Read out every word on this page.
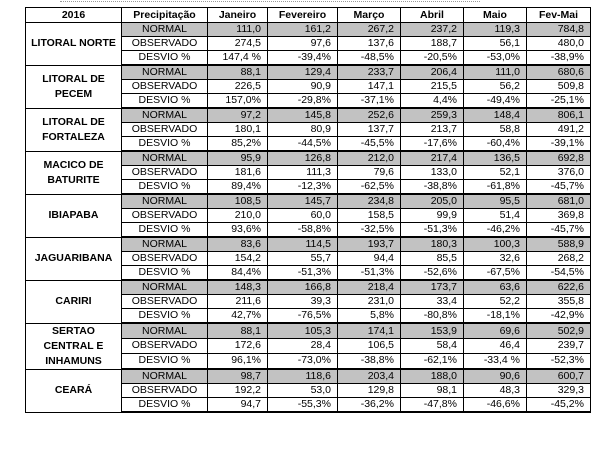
2016	Precipitação	Janeiro	Fevereiro	Março	Abril	Maio	Fev-Mai
LITORAL NORTE	NORMAL	111,0	161,2	267,2	237,2	119,3	784,8
	OBSERVADO	274,5	97,6	137,6	188,7	56,1	480,0
	DESVIO %	147,4 %	-39,4%	-48,5%	-20,5%	-53,0%	-38,9%
LITORAL DE PECEM	NORMAL	88,1	129,4	233,7	206,4	111,0	680,6
	OBSERVADO	226,5	90,9	147,1	215,5	56,2	509,8
	DESVIO %	157,0%	-29,8%	-37,1%	4,4%	-49,4%	-25,1%
LITORAL DE FORTALEZA	NORMAL	97,2	145,8	252,6	259,3	148,4	806,1
	OBSERVADO	180,1	80,9	137,7	213,7	58,8	491,2
	DESVIO %	85,2%	-44,5%	-45,5%	-17,6%	-60,4%	-39,1%
MACICO DE BATURITE	NORMAL	95,9	126,8	212,0	217,4	136,5	692,8
	OBSERVADO	181,6	111,3	79,6	133,0	52,1	376,0
	DESVIO %	89,4%	-12,3%	-62,5%	-38,8%	-61,8%	-45,7%
IBIAPABA	NORMAL	108,5	145,7	234,8	205,0	95,5	681,0
	OBSERVADO	210,0	60,0	158,5	99,9	51,4	369,8
	DESVIO %	93,6%	-58,8%	-32,5%	-51,3%	-46,2%	-45,7%
JAGUARIBANA	NORMAL	83,6	114,5	193,7	180,3	100,3	588,9
	OBSERVADO	154,2	55,7	94,4	85,5	32,6	268,2
	DESVIO %	84,4%	-51,3%	-51,3%	-52,6%	-67,5%	-54,5%
CARIRI	NORMAL	148,3	166,8	218,4	173,7	63,6	622,6
	OBSERVADO	211,6	39,3	231,0	33,4	52,2	355,8
	DESVIO %	42,7%	-76,5%	5,8%	-80,8%	-18,1%	-42,9%
SERTAO CENTRAL E INHAMUNS	NORMAL	88,1	105,3	174,1	153,9	69,6	502,9
	OBSERVADO	172,6	28,4	106,5	58,4	46,4	239,7
	DESVIO %	96,1%	-73,0%	-38,8%	-62,1%	-33,4 %	-52,3%
CEARÁ	NORMAL	98,7	118,6	203,4	188,0	90,6	600,7
	OBSERVADO	192,2	53,0	129,8	98,1	48,3	329,3
	DESVIO %	94,7	-55,3%	-36,2%	-47,8%	-46,6%	-45,2%
